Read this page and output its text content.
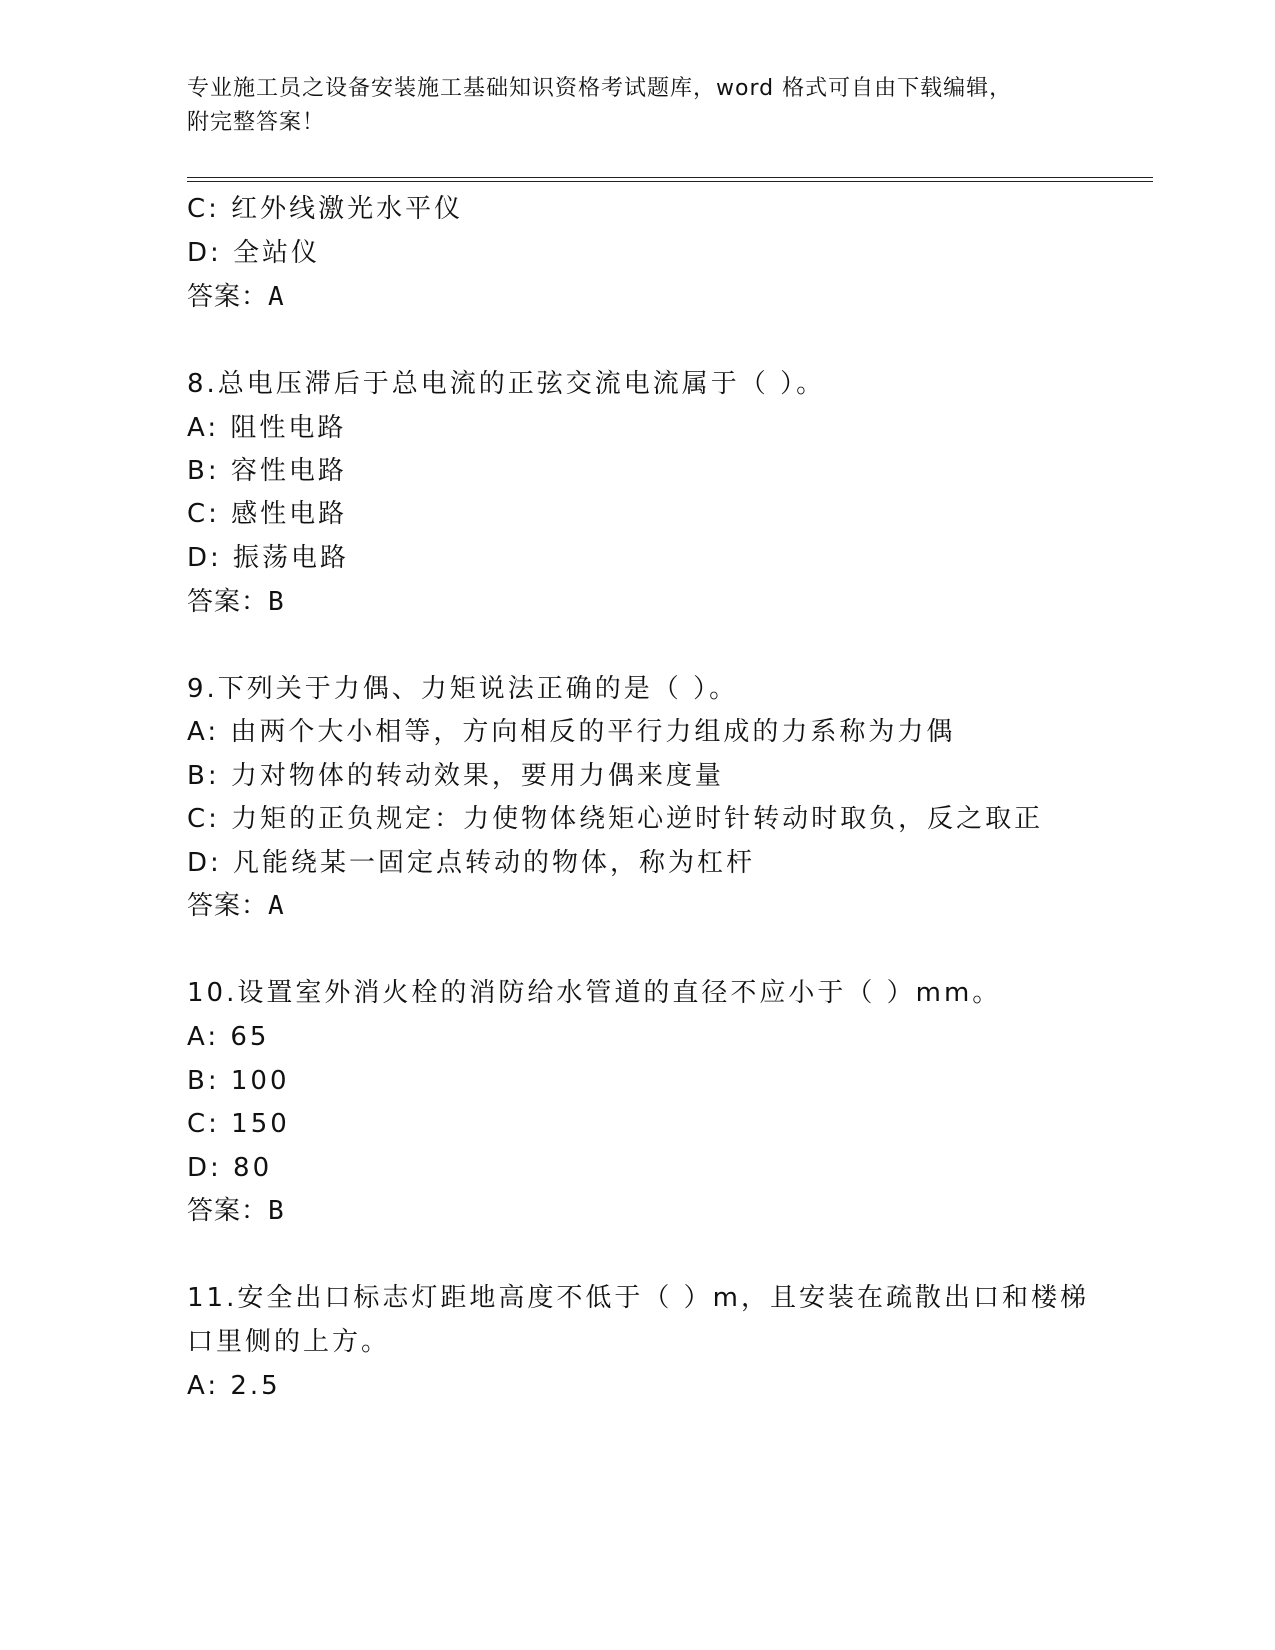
专业施工员之设备安装施工基础知识资格考试题库，word 格式可自由下载编辑，
附完整答案！
C: 红外线激光水平仪
D: 全站仪
答案：A
8.总电压滞后于总电流的正弦交流电流属于（ ）。
A: 阻性电路
B: 容性电路
C: 感性电路
D: 振荡电路
答案：B
9.下列关于力偶、力矩说法正确的是（ ）。
A: 由两个大小相等，方向相反的平行力组成的力系称为力偶
B: 力对物体的转动效果，要用力偶来度量
C: 力矩的正负规定：力使物体绕矩心逆时针转动时取负，反之取正
D: 凡能绕某一固定点转动的物体，称为杠杆
答案：A
10.设置室外消火栓的消防给水管道的直径不应小于（ ）mm。
A: 65
B: 100
C: 150
D: 80
答案：B
11.安全出口标志灯距地高度不低于（ ）m，且安装在疏散出口和楼梯
口里侧的上方。
A: 2.5
